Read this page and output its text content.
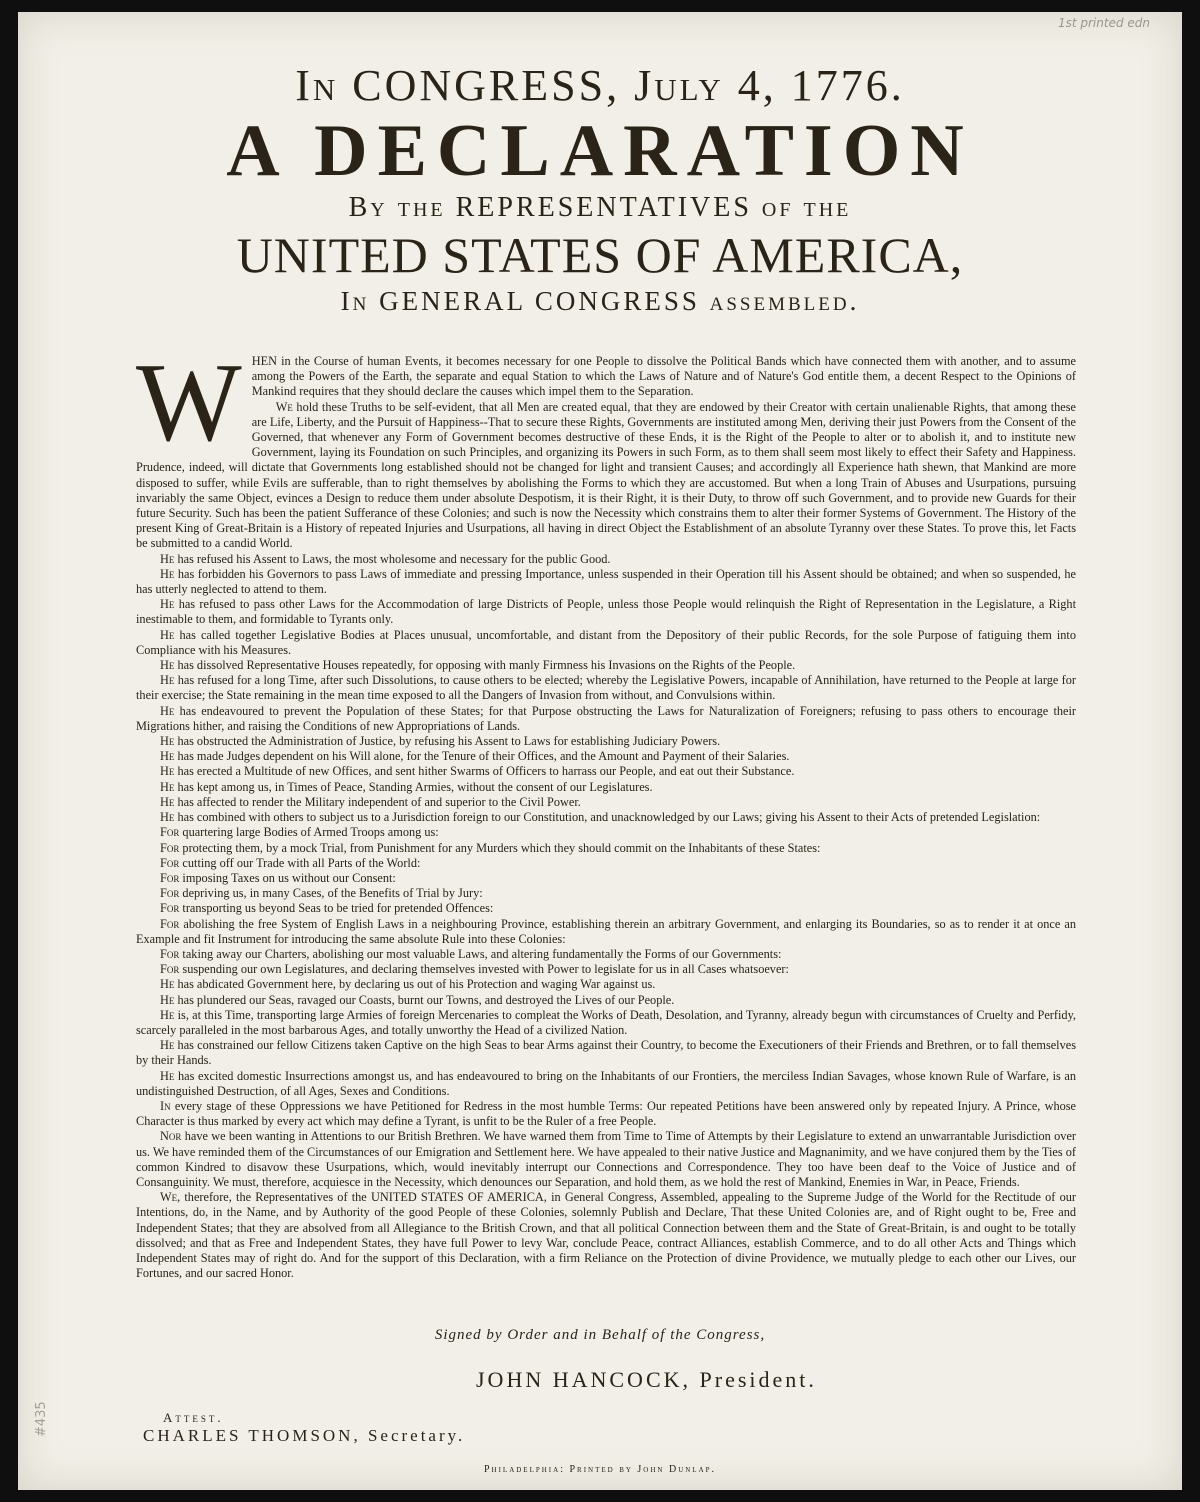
1st printed edn
#435
In CONGRESS, July 4, 1776.
A DECLARATION
By the REPRESENTATIVES of the
UNITED STATES OF AMERICA,
In GENERAL CONGRESS assembled.
W HEN in the Course of human Events, it becomes necessary for one People to dissolve the Political Bands which have connected them with another, and to assume among the Powers of the Earth, the separate and equal Station to which the Laws of Nature and of Nature's God entitle them, a decent Respect to the Opinions of Mankind requires that they should declare the causes which impel them to the Separation.

We hold these Truths to be self-evident, that all Men are created equal, that they are endowed by their Creator with certain unalienable Rights, that among these are Life, Liberty, and the Pursuit of Happiness--That to secure these Rights, Governments are instituted among Men, deriving their just Powers from the Consent of the Governed, that whenever any Form of Government becomes destructive of these Ends, it is the Right of the People to alter or to abolish it, and to institute new Government, laying its Foundation on such Principles, and organizing its Powers in such Form, as to them shall seem most likely to effect their Safety and Happiness. Prudence, indeed, will dictate that Governments long established should not be changed for light and transient Causes; and accordingly all Experience hath shewn, that Mankind are more disposed to suffer, while Evils are sufferable, than to right themselves by abolishing the Forms to which they are accustomed. But when a long Train of Abuses and Usurpations, pursuing invariably the same Object, evinces a Design to reduce them under absolute Despotism, it is their Right, it is their Duty, to throw off such Government, and to provide new Guards for their future Security. Such has been the patient Sufferance of these Colonies; and such is now the Necessity which constrains them to alter their former Systems of Government. The History of the present King of Great-Britain is a History of repeated Injuries and Usurpations, all having in direct Object the Establishment of an absolute Tyranny over these States. To prove this, let Facts be submitted to a candid World.

He has refused his Assent to Laws, the most wholesome and necessary for the public Good.

He has forbidden his Governors to pass Laws of immediate and pressing Importance, unless suspended in their Operation till his Assent should be obtained; and when so suspended, he has utterly neglected to attend to them.

He has refused to pass other Laws for the Accommodation of large Districts of People, unless those People would relinquish the Right of Representation in the Legislature, a Right inestimable to them, and formidable to Tyrants only.

He has called together Legislative Bodies at Places unusual, uncomfortable, and distant from the Depository of their public Records, for the sole Purpose of fatiguing them into Compliance with his Measures.

He has dissolved Representative Houses repeatedly, for opposing with manly Firmness his Invasions on the Rights of the People.

He has refused for a long Time, after such Dissolutions, to cause others to be elected; whereby the Legislative Powers, incapable of Annihilation, have returned to the People at large for their exercise; the State remaining in the mean time exposed to all the Dangers of Invasion from without, and Convulsions within.

He has endeavoured to prevent the Population of these States; for that Purpose obstructing the Laws for Naturalization of Foreigners; refusing to pass others to encourage their Migrations hither, and raising the Conditions of new Appropriations of Lands.

He has obstructed the Administration of Justice, by refusing his Assent to Laws for establishing Judiciary Powers.

He has made Judges dependent on his Will alone, for the Tenure of their Offices, and the Amount and Payment of their Salaries.

He has erected a Multitude of new Offices, and sent hither Swarms of Officers to harrass our People, and eat out their Substance.

He has kept among us, in Times of Peace, Standing Armies, without the consent of our Legislatures.

He has affected to render the Military independent of and superior to the Civil Power.

He has combined with others to subject us to a Jurisdiction foreign to our Constitution, and unacknowledged by our Laws; giving his Assent to their Acts of pretended Legislation:

For quartering large Bodies of Armed Troops among us:

For protecting them, by a mock Trial, from Punishment for any Murders which they should commit on the Inhabitants of these States:

For cutting off our Trade with all Parts of the World:

For imposing Taxes on us without our Consent:

For depriving us, in many Cases, of the Benefits of Trial by Jury:

For transporting us beyond Seas to be tried for pretended Offences:

For abolishing the free System of English Laws in a neighbouring Province, establishing therein an arbitrary Government, and enlarging its Boundaries, so as to render it at once an Example and fit Instrument for introducing the same absolute Rule into these Colonies:

For taking away our Charters, abolishing our most valuable Laws, and altering fundamentally the Forms of our Governments:

For suspending our own Legislatures, and declaring themselves invested with Power to legislate for us in all Cases whatsoever:

He has abdicated Government here, by declaring us out of his Protection and waging War against us.

He has plundered our Seas, ravaged our Coasts, burnt our Towns, and destroyed the Lives of our People.

He is, at this Time, transporting large Armies of foreign Mercenaries to compleat the Works of Death, Desolation, and Tyranny, already begun with circumstances of Cruelty and Perfidy, scarcely paralleled in the most barbarous Ages, and totally unworthy the Head of a civilized Nation.

He has constrained our fellow Citizens taken Captive on the high Seas to bear Arms against their Country, to become the Executioners of their Friends and Brethren, or to fall themselves by their Hands.

He has excited domestic Insurrections amongst us, and has endeavoured to bring on the Inhabitants of our Frontiers, the merciless Indian Savages, whose known Rule of Warfare, is an undistinguished Destruction, of all Ages, Sexes and Conditions.

In every stage of these Oppressions we have Petitioned for Redress in the most humble Terms: Our repeated Petitions have been answered only by repeated Injury. A Prince, whose Character is thus marked by every act which may define a Tyrant, is unfit to be the Ruler of a free People.

Nor have we been wanting in Attentions to our British Brethren. We have warned them from Time to Time of Attempts by their Legislature to extend an unwarrantable Jurisdiction over us. We have reminded them of the Circumstances of our Emigration and Settlement here. We have appealed to their native Justice and Magnanimity, and we have conjured them by the Ties of common Kindred to disavow these Usurpations, which, would inevitably interrupt our Connections and Correspondence. They too have been deaf to the Voice of Justice and of Consanguinity. We must, therefore, acquiesce in the Necessity, which denounces our Separation, and hold them, as we hold the rest of Mankind, Enemies in War, in Peace, Friends.

We, therefore, the Representatives of the UNITED STATES OF AMERICA, in General Congress, Assembled, appealing to the Supreme Judge of the World for the Rectitude of our Intentions, do, in the Name, and by Authority of the good People of these Colonies, solemnly Publish and Declare, That these United Colonies are, and of Right ought to be, Free and Independent States; that they are absolved from all Allegiance to the British Crown, and that all political Connection between them and the State of Great-Britain, is and ought to be totally dissolved; and that as Free and Independent States, they have full Power to levy War, conclude Peace, contract Alliances, establish Commerce, and to do all other Acts and Things which Independent States may of right do. And for the support of this Declaration, with a firm Reliance on the Protection of divine Providence, we mutually pledge to each other our Lives, our Fortunes, and our sacred Honor.

Signed by Order and in Behalf of the Congress,
JOHN HANCOCK, President.
Attest.
CHARLES THOMSON, Secretary.
Philadelphia: Printed by John Dunlap.
